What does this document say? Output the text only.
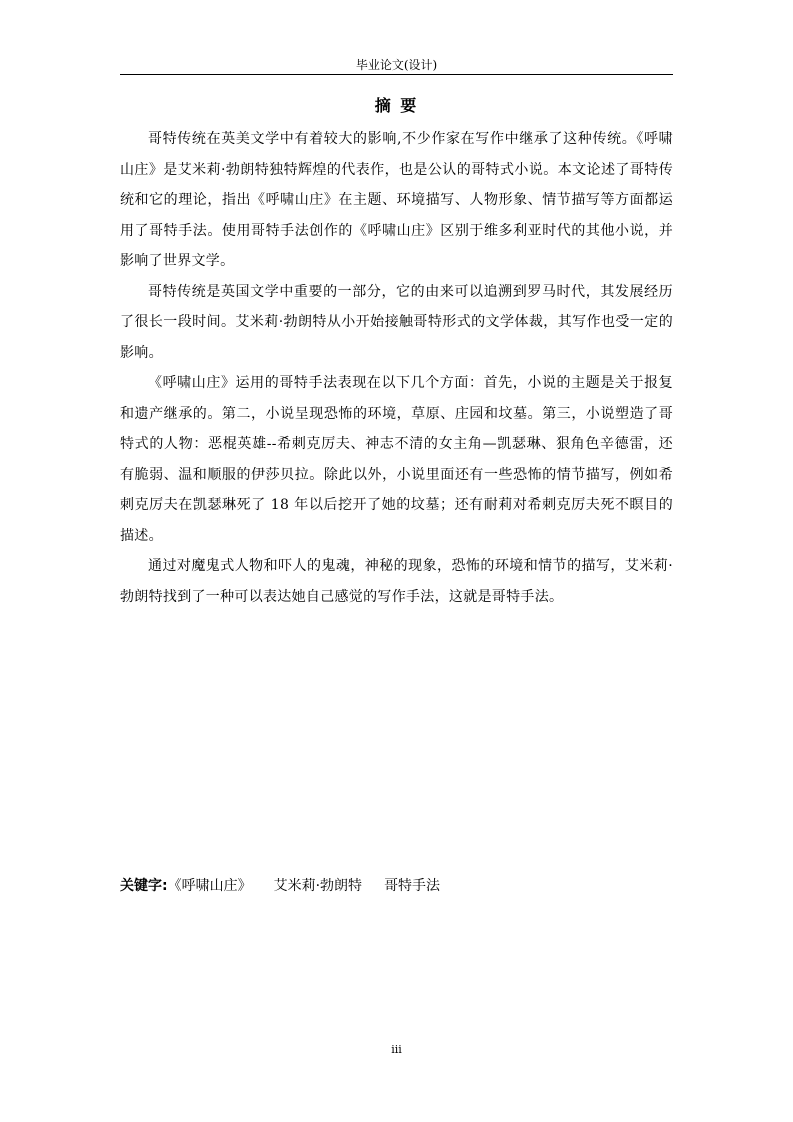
毕业论文(设计)
摘 要

哥特传统在英美文学中有着较大的影响,不少作家在写作中继承了这种传统。《呼啸山庄》是艾米莉·勃朗特独特辉煌的代表作，也是公认的哥特式小说。本文论述了哥特传统和它的理论，指出《呼啸山庄》在主题、环境描写、人物形象、情节描写等方面都运用了哥特手法。使用哥特手法创作的《呼啸山庄》区别于维多利亚时代的其他小说，并影响了世界文学。

哥特传统是英国文学中重要的一部分，它的由来可以追溯到罗马时代，其发展经历了很长一段时间。艾米莉·勃朗特从小开始接触哥特形式的文学体裁，其写作也受一定的影响。

《呼啸山庄》运用的哥特手法表现在以下几个方面：首先，小说的主题是关于报复和遗产继承的。第二，小说呈现恐怖的环境，草原、庄园和坟墓。第三，小说塑造了哥特式的人物：恶棍英雄--希刺克厉夫、神志不清的女主角—凯瑟琳、狠角色辛德雷，还有脆弱、温和顺服的伊莎贝拉。除此以外，小说里面还有一些恐怖的情节描写，例如希刺克厉夫在凯瑟琳死了 18 年以后挖开了她的坟墓；还有耐莉对希刺克厉夫死不瞑目的描述。

通过对魔鬼式人物和吓人的鬼魂，神秘的现象，恐怖的环境和情节的描写，艾米莉·勃朗特找到了一种可以表达她自己感觉的写作手法，这就是哥特手法。

关键字:《呼啸山庄》 艾米莉·勃朗特 哥特手法
iii
